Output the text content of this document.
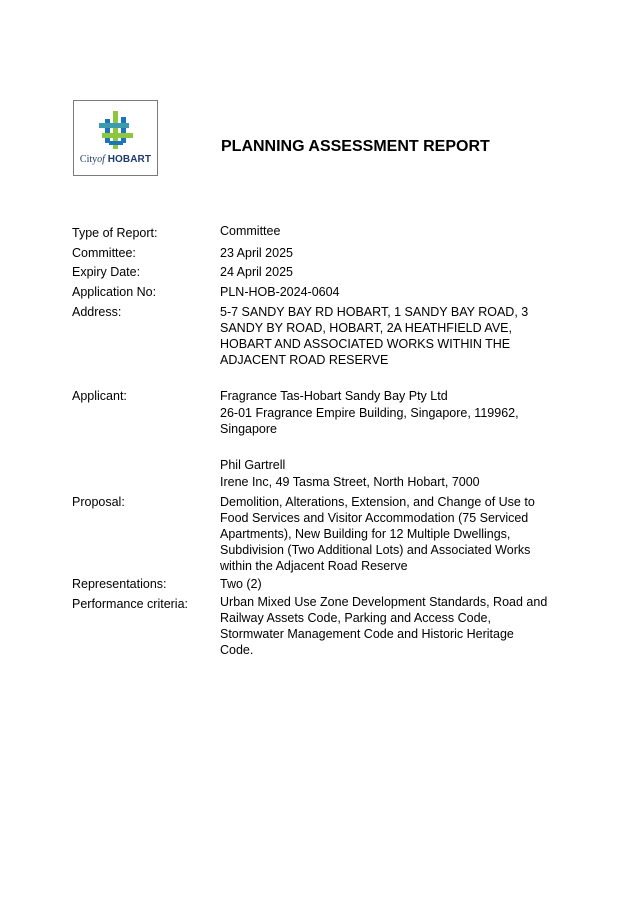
Cityof HOBART
PLANNING ASSESSMENT REPORT
Type of Report:	Committee
Committee:	23 April 2025
Expiry Date:	24 April 2025
Application No:	PLN-HOB-2024-0604
Address:	5-7 SANDY BAY RD HOBART, 1 SANDY BAY ROAD, 3
SANDY BY ROAD, HOBART, 2A HEATHFIELD AVE,
HOBART AND ASSOCIATED WORKS WITHIN THE
ADJACENT ROAD RESERVE
Applicant:	Fragrance Tas-Hobart Sandy Bay Pty Ltd
26-01 Fragrance Empire Building, Singapore, 119962,
Singapore
Phil Gartrell
Irene Inc, 49 Tasma Street, North Hobart, 7000
Proposal:	Demolition, Alterations, Extension, and Change of Use to
Food Services and Visitor Accommodation (75 Serviced
Apartments), New Building for 12 Multiple Dwellings,
Subdivision (Two Additional Lots) and Associated Works
within the Adjacent Road Reserve
Representations:	Two (2)
Performance criteria:	Urban Mixed Use Zone Development Standards, Road and
Railway Assets Code, Parking and Access Code,
Stormwater Management Code and Historic Heritage
Code.
